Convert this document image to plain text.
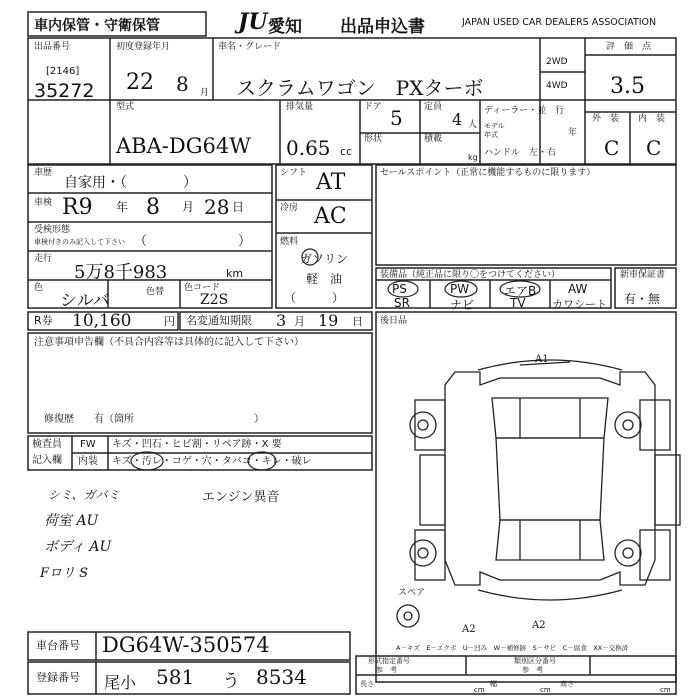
車内保管・守衛保管	JU 愛知 出品申込書	JAPAN USED CAR DEALERS ASSOCIATION
出品番号
[2146]
35272
初度登録年月
22 8 月
車名・グレード
スクラムワゴン　PXターボ
2WD
4WD
評　価　点
3.5
型式
ABA-DG64W
排気量
0.65 cc
ドア 5
形状
定員
4 人
積載
kg
ディーラー・並　行
モデル
年式	年
ハンドル　左・右
外　装 内　装
C C
車歴
自家用・（　　　　）
車検 R9 年 8 月 28 日
受検形態
車検付きのみ記入して下さい （　　　　　　　）
走行
5万8千983	km
色
シルバ	色替 色コード
Z2S
シフト AT
冷房 AC
燃料
ガソリン
軽　油
（　　　）
セールスポイント（正常に機能するものに限ります）
装備品（純正品に限り〇をつけてください）
PS	PW	エアB	AW
SR	ナビ	TV カワシート
新車保証書
有・無
R券 10,160	円 名変通知期限 3 月 19 日 後日品
注意事項申告欄（不具合内容等は具体的に記入して下さい）
修復歴　　有（箇所　　　　　　　　　　　　）
検査員
記入欄
FW キズ・凹石・ヒビ割・リペア跡・X 要
内装 キズ・汚レ・コゲ・穴・タバコ・キレ・破レ
シミ、ガバミ	エンジン異音
荷室 AU
ボディ AU
Fロリ S
A1
スペア
A2	A2
A－キズ　E－エクボ　U－凹み　W－補修跡　S－サビ　C－腐食　XX－交換済
車台番号 DG64W-350574
登録番号 尾小 581 う 8534
形式指定番号
参　考
類別区分番号
参　考
長さ	幅	高さ
cm	cm	cm
